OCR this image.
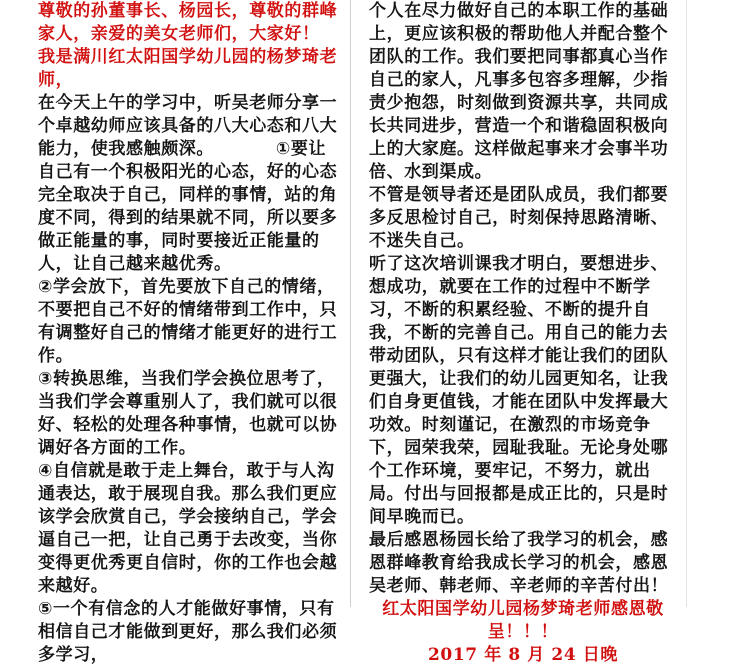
尊敬的孙董事长、杨园长，尊敬的群峰家人，亲爱的美女老师们，大家好！

我是满川红太阳国学幼儿园的杨梦琦老师，

在今天上午的学习中，听吴老师分享一个卓越幼师应该具备的八大心态和八大能力，使我感触颇深。　　　　①要让自己有一个积极阳光的心态，好的心态完全取决于自己，同样的事情，站的角度不同，得到的结果就不同，所以要多做正能量的事，同时要接近正能量的人，让自己越来越优秀。

②学会放下，首先要放下自己的情绪，不要把自己不好的情绪带到工作中，只有调整好自己的情绪才能更好的进行工作。

③转换思维，当我们学会换位思考了，当我们学会尊重别人了，我们就可以很好、轻松的处理各种事情，也就可以协调好各方面的工作。

④自信就是敢于走上舞台，敢于与人沟通表达，敢于展现自我。那么我们更应该学会欣赏自己，学会接纳自己，学会逼自己一把，让自己勇于去改变，当你变得更优秀更自信时，你的工作也会越来越好。

⑤一个有信念的人才能做好事情，只有相信自己才能做到更好，那么我们必须多学习，

个人在尽力做好自己的本职工作的基础上，更应该积极的帮助他人并配合整个团队的工作。我们要把同事都真心当作自己的家人，凡事多包容多理解，少指责少抱怨，时刻做到资源共享，共同成长共同进步，营造一个和谐稳固积极向上的大家庭。这样做起事来才会事半功倍、水到渠成。

不管是领导者还是团队成员，我们都要多反思检讨自己，时刻保持思路清晰、不迷失自己。

听了这次培训课我才明白，要想进步、想成功，就要在工作的过程中不断学习，不断的积累经验、不断的提升自我，不断的完善自己。用自己的能力去带动团队，只有这样才能让我们的团队更强大，让我们的幼儿园更知名，让我们自身更值钱，才能在团队中发挥最大功效。时刻谨记，在激烈的市场竞争下，园荣我荣，园耻我耻。无论身处哪个工作环境，要牢记，不努力，就出局。付出与回报都是成正比的，只是时间早晚而已。

最后感恩杨园长给了我学习的机会，感恩群峰教育给我成长学习的机会，感恩吴老师、韩老师、辛老师的辛苦付出！

红太阳国学幼儿园杨梦琦老师感恩敬呈！！！

2017 年 8 月 24 日晚
